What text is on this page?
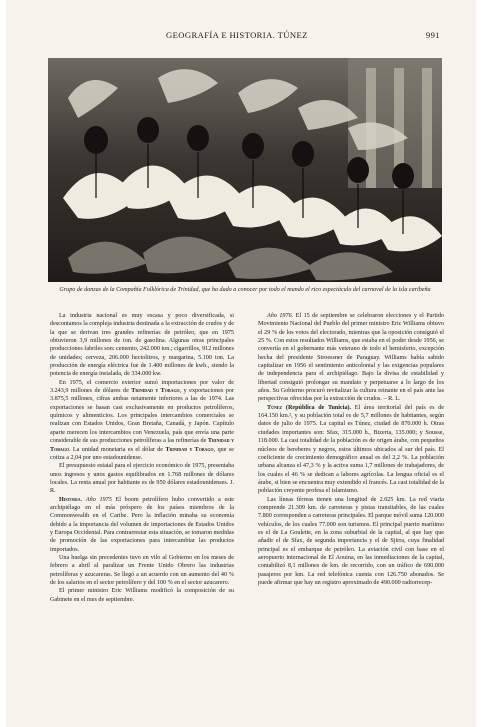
GEOGRAFÍA E HISTORIA. TÚNEZ	991
Grupo de danzas de la Compañía Folklórica de Trinidad, que ha dado a conocer por todo el mundo el rico espectáculo del carnaval de la isla caribeña

La industria nacional es muy escasa y poco diversificada, si descontamos la compleja industria destinada a la extracción de crudos y de la que se derivan tres grandes refinerías de petróleo, que en 1975 obtuvieron 3,9 millones de ton. de gasolina. Algunas otras principales producciones fabriles son: cemento, 242.000 ton.; cigarrillos, 912 millones de unidades; cerveza, 206.000 hectolitros, y margarina, 5.100 ton. La producción de energía eléctrica fue de 1.400 millones de kwh., siendo la potencia de energía instalada, de 334.000 kw.

En 1975, el comercio exterior sumó importaciones por valor de 3.243,9 millones de dólares de Trinidad y Tobago, y exportaciones por 3.875,5 millones, cifras ambas netamente inferiores a las de 1974. Las exportaciones se basan casi exclusivamente en productos petrolíferos, químicos y alimenticios. Los principales intercambios comerciales se realizan con Estados Unidos, Gran Bretaña, Canadá, y Japón. Capítulo aparte merecen los intercambios con Venezuela, país que envía una parte considerable de sus producciones petrolíferas a las refinerías de Trinidad y Tobago. La unidad monetaria es el dólar de Trinidad y Tobago, que se cotiza a 2,04 por uno estadounidense.

El presupuesto estatal para el ejercicio económico de 1975, presentaba unos ingresos y unos gastos equilibrados en 1.768 millones de dólares locales. La renta anual por habitante es de 950 dólares estadounidenses. J. R.

Historia. Año 1975 El boom petrolífero hubo convertido a este archipiélago en el más próspero de los países miembros de la Commonwealth en el Caribe. Pero la inflación minaba su economía debido a la importancia del volumen de importaciones de Estados Unidos y Europa Occidental. Para contrarrestar esta situación, se tomaron medidas de promoción de las exportaciones para intercambiar las productos importados.

Una huelga sin precedentes tuvo en vilo al Gobierno en los meses de febrero a abril al paralizar un Frente Unido Obrero las industrias petrolíferas y azucareras. Se llegó a un acuerdo con un aumento del 40 % de los salarios en el sector petrolífero y del 100 % en el sector azucarero.

El primer ministro Eric Williams modificó la composición de su Gabinete en el mes de septiembre.

Año 1976. El 15 de septiembre se celebraron elecciones y el Partido Movimiento Nacional del Pueblo del primer ministro Eric Williams obtuvo el 29 % de los votos del electorado, mientras que la oposición consiguió el 25 %. Con estos resultados Williams, que estaba en el poder desde 1956, se convertía en el gobernante más veterano de todo el hemisferio, excepción hecha del presidente Stroessner de Paraguay. Williams había sabido capitalizar en 1956 el sentimiento anticolonial y las exigencias populares de independencia para el archipiélago. Bajo la divisa de estabilidad y libertad consiguió prolongar su mandato y perpetuarse a lo largo de los años. Su Gobierno procuró revitalizar la cultura reinante en el país ante las perspectivas ofrecidas por la extracción de crudos. – R. L.

Túnez (República de Tunicia). El área territorial del país es de 164.150 km.², y su población total es de 5,7 millones de habitantes, según datos de julio de 1975. La capital es Túnez, ciudad de 870.000 h. Otras ciudades importantes son: Sfax, 315.000 h., Bizerta, 135.000; y Sousse, 118.000. La casi totalidad de la población es de origen árabe, con pequeños núcleos de bereberes y negros, estos últimos ubicados al sur del país. El coeficiente de crecimiento demográfico anual es del 2,2 %. La población urbana alcanza el 47,3 % y la activa suma 1,7 millones de trabajadores, de los cuales el 46 % se dedican a labores agrícolas. La lengua oficial es el árabe, si bien se encuentra muy extendido el francés. La casi totalidad de la población creyente profesa el islamismo.

Las líneas férreas tienen una longitud de 2.025 km. La red viaria comprende 21.309 km. de carreteras y pistas transitables, de las cuales 7.800 corresponden a carreteras principales. El parque móvil suma 120.000 vehículos, de los cuales 77.000 son turismos. El principal puerto marítimo es el de La Goulette, en la zona suburbial de la capital, al que hay que añadir el de Sfax, de segunda importancia y el de Sjirra, cuya finalidad principal es el embarque de petróleo. La aviación civil con base en el aeropuerto internacional de El Aouina, en las inmediaciones de la capital, contabilizó 8,1 millones de km. de recorrido, con un tráfico de 690.000 pasajeros por km. La red telefónica cuenta con 126.750 abonados. Se puede afirmar que hay un registro aproximado de 490.000 radiorrecep-
